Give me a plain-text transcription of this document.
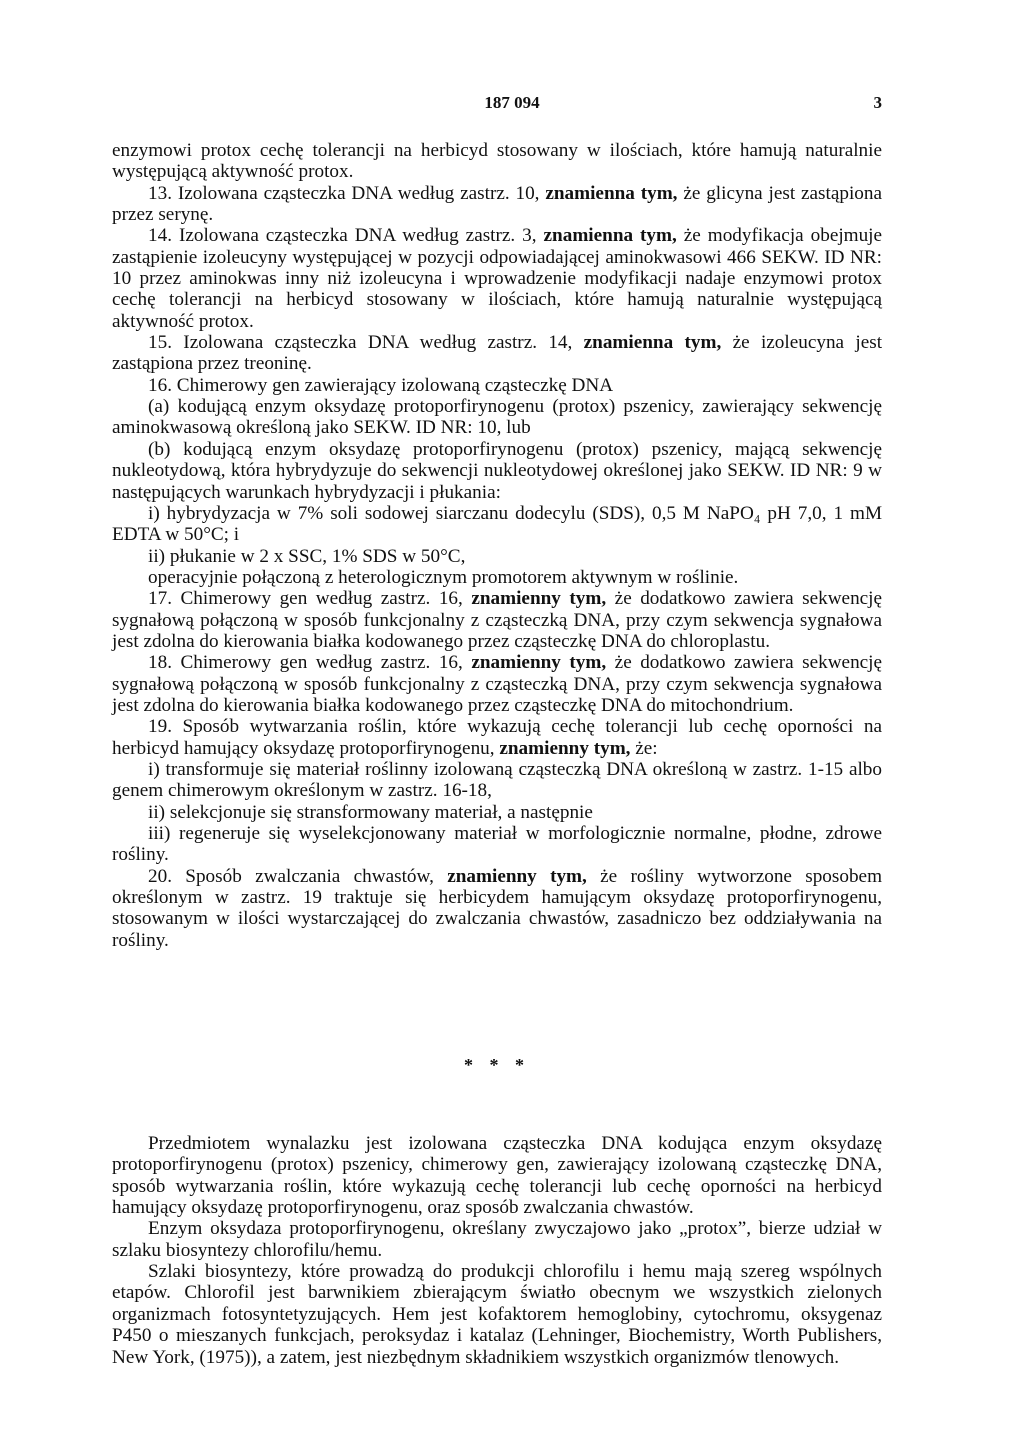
187 094	3

enzymowi protox cechę tolerancji na herbicyd stosowany w ilościach, które hamują naturalnie występującą aktywność protox.

13. Izolowana cząsteczka DNA według zastrz. 10, znamienna tym, że glicyna jest zastąpiona przez serynę.

14. Izolowana cząsteczka DNA według zastrz. 3, znamienna tym, że modyfikacja obejmuje zastąpienie izoleucyny występującej w pozycji odpowiadającej aminokwasowi 466 SEKW. ID NR: 10 przez aminokwas inny niż izoleucyna i wprowadzenie modyfikacji nadaje enzymowi protox cechę tolerancji na herbicyd stosowany w ilościach, które hamują naturalnie występującą aktywność protox.

15. Izolowana cząsteczka DNA według zastrz. 14, znamienna tym, że izoleucyna jest zastąpiona przez treoninę.

16. Chimerowy gen zawierający izolowaną cząsteczkę DNA

(a) kodującą enzym oksydazę protoporfirynogenu (protox) pszenicy, zawierający sekwencję aminokwasową określoną jako SEKW. ID NR: 10, lub

(b) kodującą enzym oksydazę protoporfirynogenu (protox) pszenicy, mającą sekwencję nukleotydową, która hybrydyzuje do sekwencji nukleotydowej określonej jako SEKW. ID NR: 9 w następujących warunkach hybrydyzacji i płukania:

i) hybrydyzacja w 7% soli sodowej siarczanu dodecylu (SDS), 0,5 M NaPO₄ pH 7,0, 1 mM EDTA w 50°C; i

ii) płukanie w 2 x SSC, 1% SDS w 50°C,

operacyjnie połączoną z heterologicznym promotorem aktywnym w roślinie.

17. Chimerowy gen według zastrz. 16, znamienny tym, że dodatkowo zawiera sekwencję sygnałową połączoną w sposób funkcjonalny z cząsteczką DNA, przy czym sekwencja sygnałowa jest zdolna do kierowania białka kodowanego przez cząsteczkę DNA do chloroplastu.

18. Chimerowy gen według zastrz. 16, znamienny tym, że dodatkowo zawiera sekwencję sygnałową połączoną w sposób funkcjonalny z cząsteczką DNA, przy czym sekwencja sygnałowa jest zdolna do kierowania białka kodowanego przez cząsteczkę DNA do mitochondrium.

19. Sposób wytwarzania roślin, które wykazują cechę tolerancji lub cechę oporności na herbicyd hamujący oksydazę protoporfirynogenu, znamienny tym, że:

i) transformuje się materiał roślinny izolowaną cząsteczką DNA określoną w zastrz. 1-15 albo genem chimerowym określonym w zastrz. 16-18,

ii) selekcjonuje się stransformowany materiał, a następnie

iii) regeneruje się wyselekcjonowany materiał w morfologicznie normalne, płodne, zdrowe rośliny.

20. Sposób zwalczania chwastów, znamienny tym, że rośliny wytworzone sposobem określonym w zastrz. 19 traktuje się herbicydem hamującym oksydazę protoporfirynogenu, stosowanym w ilości wystarczającej do zwalczania chwastów, zasadniczo bez oddziaływania na rośliny.

* * *

Przedmiotem wynalazku jest izolowana cząsteczka DNA kodująca enzym oksydazę protoporfirynogenu (protox) pszenicy, chimerowy gen, zawierający izolowaną cząsteczkę DNA, sposób wytwarzania roślin, które wykazują cechę tolerancji lub cechę oporności na herbicyd hamujący oksydazę protoporfirynogenu, oraz sposób zwalczania chwastów.

Enzym oksydaza protoporfirynogenu, określany zwyczajowo jako „protox”, bierze udział w szlaku biosyntezy chlorofilu/hemu.

Szlaki biosyntezy, które prowadzą do produkcji chlorofilu i hemu mają szereg wspólnych etapów. Chlorofil jest barwnikiem zbierającym światło obecnym we wszystkich zielonych organizmach fotosyntetyzujących. Hem jest kofaktorem hemoglobiny, cytochromu, oksygenaz P450 o mieszanych funkcjach, peroksydaz i katalaz (Lehninger, Biochemistry, Worth Publishers, New York, (1975)), a zatem, jest niezbędnym składnikiem wszystkich organizmów tlenowych.
